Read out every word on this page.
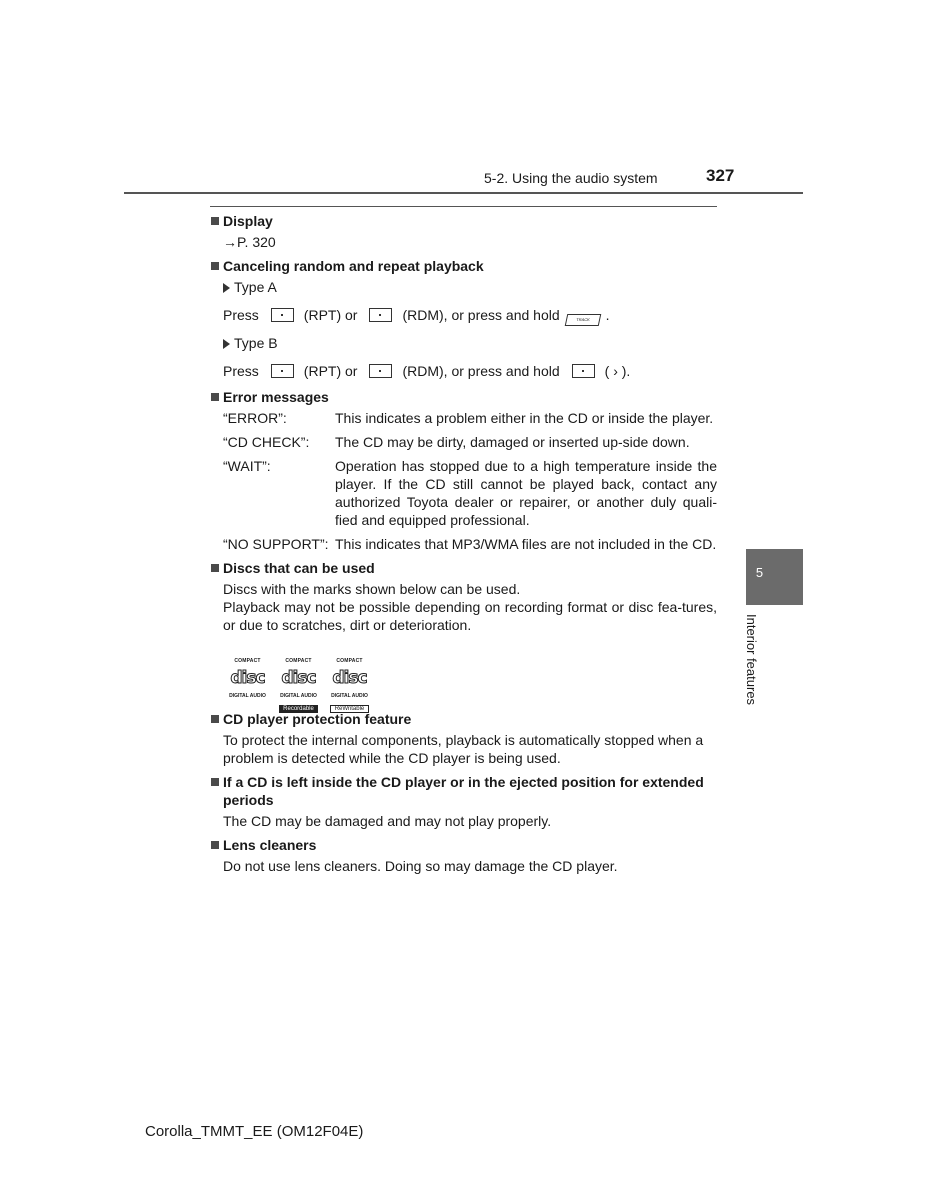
5-2. Using the audio system	327
5
Interior features
Display
→P. 320
Canceling random and repeat playback
Type A
Press	(RPT) or	(RDM), or press and hold	TRACK .
Type B
Press	(RPT) or	(RDM), or press and hold	( › ).
Error messages
“ERROR”:	This indicates a problem either in the CD or inside the player.
“CD CHECK”:	The CD may be dirty, damaged or inserted up-side down.
“WAIT”:	Operation has stopped due to a high temperature inside the player. If the CD still cannot be played back, contact any authorized Toyota dealer or repairer, or another duly quali-fied and equipped professional.
“NO SUPPORT”: This indicates that MP3/WMA files are not included in the CD.
Discs that can be used
Discs with the marks shown below can be used.
Playback may not be possible depending on recording format or disc fea-tures, or due to scratches, dirt or deterioration.
COMPACT
disc
DIGITAL AUDIO
COMPACT
disc
DIGITAL AUDIO
Recordable
COMPACT
disc
DIGITAL AUDIO
ReWritable
CD player protection feature
To protect the internal components, playback is automatically stopped when a problem is detected while the CD player is being used.
If a CD is left inside the CD player or in the ejected position for extended periods
The CD may be damaged and may not play properly.
Lens cleaners
Do not use lens cleaners. Doing so may damage the CD player.
Corolla_TMMT_EE (OM12F04E)
